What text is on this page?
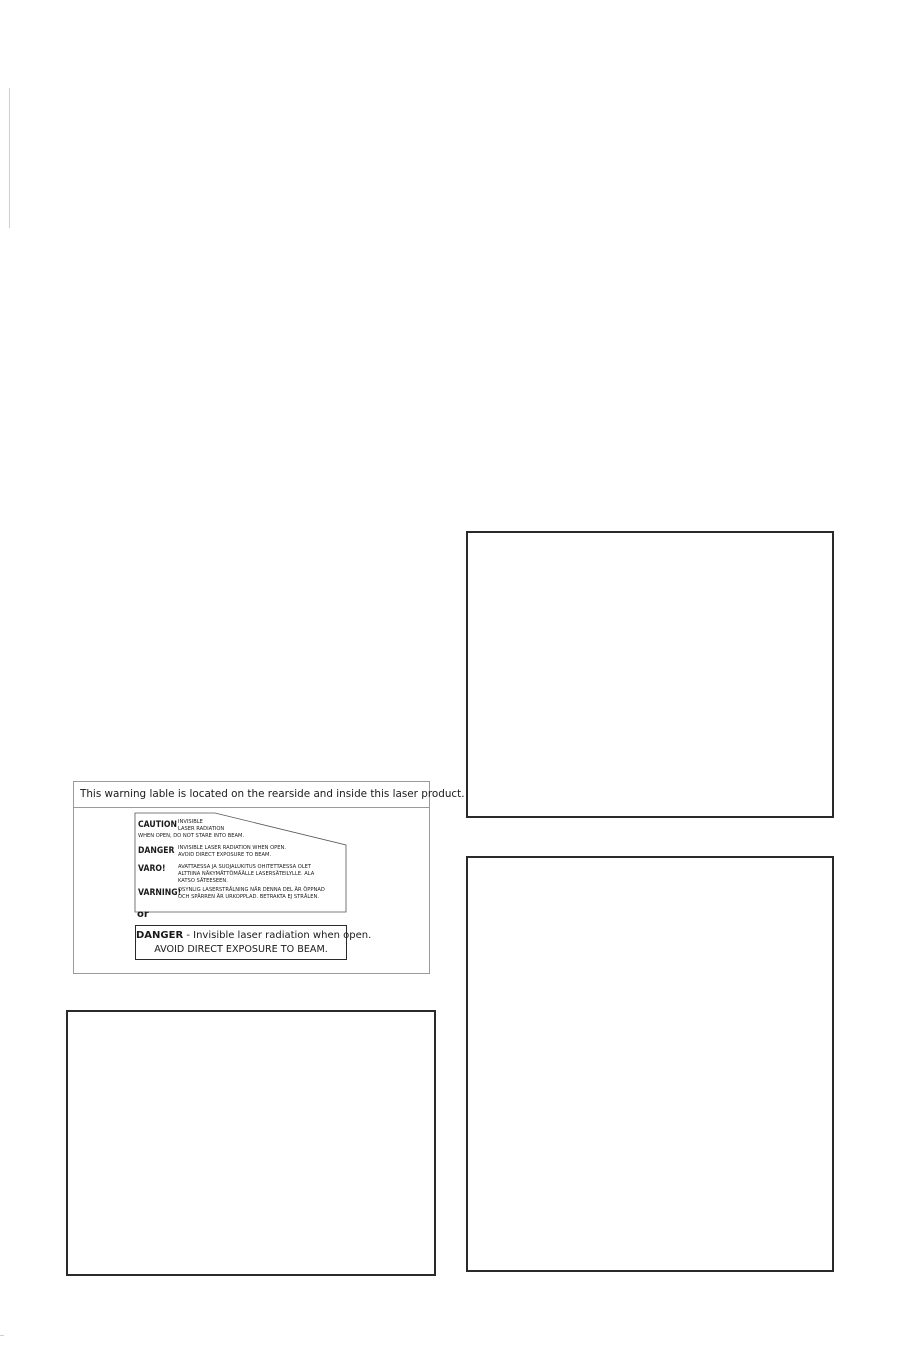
This warning lable is located on the rearside and inside this laser product.
CAUTION INVISIBLE
LASER RADIATION
WHEN OPEN, DO NOT STARE INTO BEAM.
DANGER INVISIBLE LASER RADIATION WHEN OPEN.
AVOID DIRECT EXPOSURE TO BEAM.
VARO! AVATTAESSA JA SUOJALUKITUS OHITETTAESSA OLET
ALTTIINA NÄKYMÄTTÖMÄÄLLE LASERSÄTEILYLLE. ALA
KATSO SÄTEESEEN.
VARNING!
OSYNLIG LASERSTRÅLNING NÄR DENNA DEL ÄR ÖPPNAD
OCH SPÄRREN ÄR URKOPPLAD. BETRAKTA EJ STRÅLEN.
or
DANGER - Invisible laser radiation when open.
AVOID DIRECT EXPOSURE TO BEAM.
